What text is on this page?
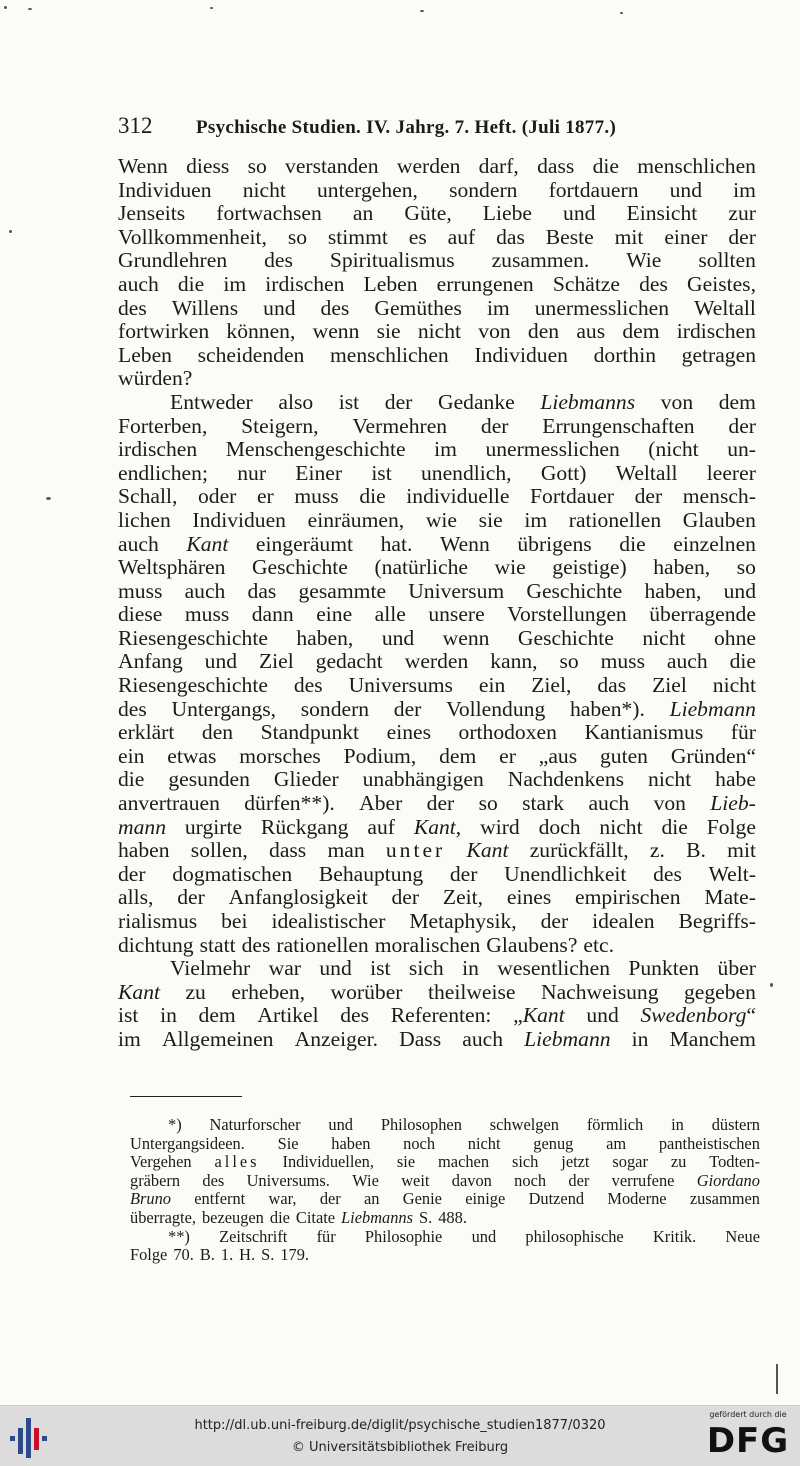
312 Psychische Studien. IV. Jahrg. 7. Heft. (Juli 1877.)
Wenn diess so verstanden werden darf, dass die menschlichen
Individuen nicht untergehen, sondern fortdauern und im
Jenseits fortwachsen an Güte, Liebe und Einsicht zur
Vollkommenheit, so stimmt es auf das Beste mit einer der
Grundlehren des Spiritualismus zusammen. Wie sollten
auch die im irdischen Leben errungenen Schätze des Geistes,
des Willens und des Gemüthes im unermesslichen Weltall
fortwirken können, wenn sie nicht von den aus dem irdischen
Leben scheidenden menschlichen Individuen dorthin getragen
würden?
Entweder also ist der Gedanke Liebmanns von dem
Forterben, Steigern, Vermehren der Errungenschaften der
irdischen Menschengeschichte im unermesslichen (nicht un-
endlichen; nur Einer ist unendlich, Gott) Weltall leerer
Schall, oder er muss die individuelle Fortdauer der mensch-
lichen Individuen einräumen, wie sie im rationellen Glauben
auch Kant eingeräumt hat. Wenn übrigens die einzelnen
Weltsphären Geschichte (natürliche wie geistige) haben, so
muss auch das gesammte Universum Geschichte haben, und
diese muss dann eine alle unsere Vorstellungen überragende
Riesengeschichte haben, und wenn Geschichte nicht ohne
Anfang und Ziel gedacht werden kann, so muss auch die
Riesengeschichte des Universums ein Ziel, das Ziel nicht
des Untergangs, sondern der Vollendung haben*). Liebmann
erklärt den Standpunkt eines orthodoxen Kantianismus für
ein etwas morsches Podium, dem er „aus guten Gründen“
die gesunden Glieder unabhängigen Nachdenkens nicht habe
anvertrauen dürfen**). Aber der so stark auch von Lieb-
mann urgirte Rückgang auf Kant, wird doch nicht die Folge
haben sollen, dass man unter Kant zurückfällt, z. B. mit
der dogmatischen Behauptung der Unendlichkeit des Welt-
alls, der Anfanglosigkeit der Zeit, eines empirischen Mate-
rialismus bei idealistischer Metaphysik, der idealen Begriffs-
dichtung statt des rationellen moralischen Glaubens? etc.
Vielmehr war und ist sich in wesentlichen Punkten über
Kant zu erheben, worüber theilweise Nachweisung gegeben
ist in dem Artikel des Referenten: „Kant und Swedenborg“
im Allgemeinen Anzeiger. Dass auch Liebmann in Manchem
*) Naturforscher und Philosophen schwelgen förmlich in düstern
Untergangsideen. Sie haben noch nicht genug am pantheistischen
Vergehen alles Individuellen, sie machen sich jetzt sogar zu Todten-
gräbern des Universums. Wie weit davon noch der verrufene Giordano
Bruno entfernt war, der an Genie einige Dutzend Moderne zusammen
überragte, bezeugen die Citate Liebmanns S. 488.
**) Zeitschrift für Philosophie und philosophische Kritik. Neue
Folge 70. B. 1. H. S. 179.
http://dl.ub.uni-freiburg.de/diglit/psychische_studien1877/0320
© Universitätsbibliothek Freiburg
gefördert durch die
DFG
